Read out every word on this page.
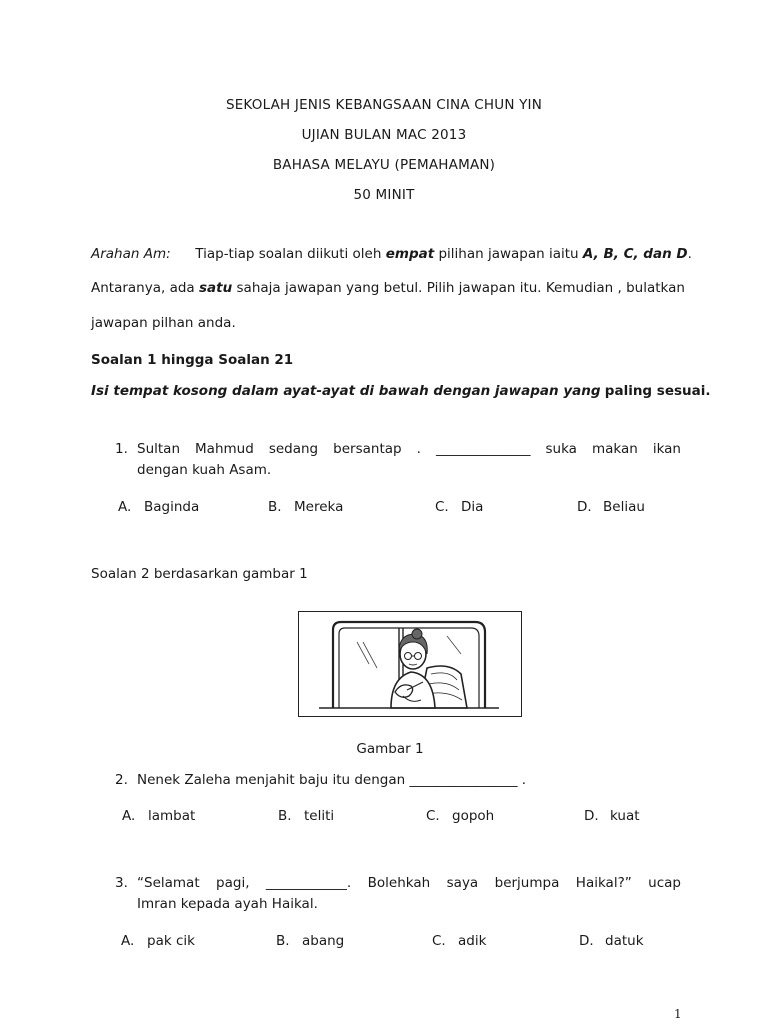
SEKOLAH JENIS KEBANGSAAN CINA CHUN YIN
UJIAN BULAN MAC 2013
BAHASA MELAYU (PEMAHAMAN)
50 MINIT
Arahan Am: Tiap-tiap soalan diikuti oleh empat pilihan jawapan iaitu A, B, C, dan D.
Antaranya, ada satu sahaja jawapan yang betul. Pilih jawapan itu. Kemudian , bulatkan
jawapan pilhan anda.
Soalan 1 hingga Soalan 21
Isi tempat kosong dalam ayat-ayat di bawah dengan jawapan yang paling sesuai.
1. Sultan Mahmud sedang bersantap . ______________ suka makan ikan
dengan kuah Asam.
A. Baginda	B. Mereka	C. Dia	D. Beliau
Soalan 2 berdasarkan gambar 1
Gambar 1
2. Nenek Zaleha menjahit baju itu dengan ________________ .
A. lambat	B. teliti	C. gopoh	D. kuat
3. “Selamat pagi, ____________. Bolehkah saya berjumpa Haikal?” ucap
Imran kepada ayah Haikal.
A. pak cik	B. abang	C. adik	D. datuk
1
